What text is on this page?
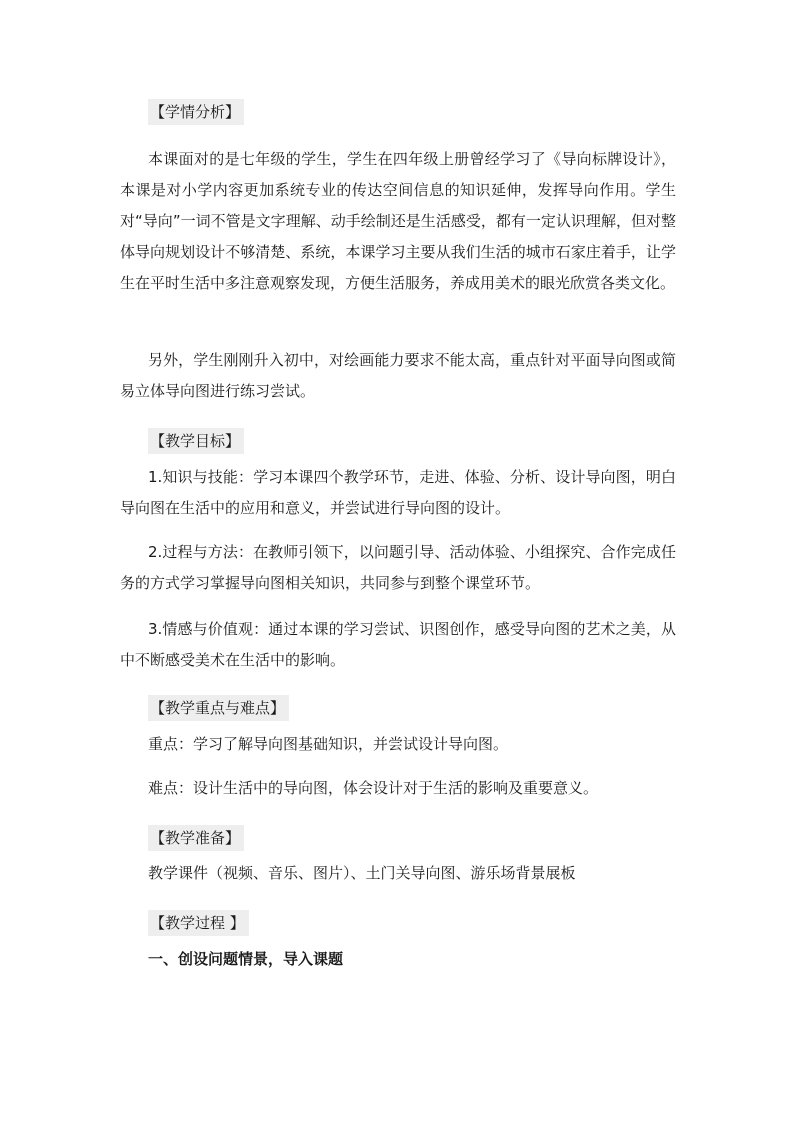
【学情分析】

本课面对的是七年级的学生，学生在四年级上册曾经学习了《导向标牌设计》，本课是对小学内容更加系统专业的传达空间信息的知识延伸，发挥导向作用。学生对“导向”一词不管是文字理解、动手绘制还是生活感受，都有一定认识理解，但对整体导向规划设计不够清楚、系统，本课学习主要从我们生活的城市石家庄着手，让学生在平时生活中多注意观察发现，方便生活服务，养成用美术的眼光欣赏各类文化。

另外，学生刚刚升入初中，对绘画能力要求不能太高，重点针对平面导向图或简易立体导向图进行练习尝试。

【教学目标】

1.知识与技能：学习本课四个教学环节，走进、体验、分析、设计导向图，明白导向图在生活中的应用和意义，并尝试进行导向图的设计。

2.过程与方法：在教师引领下，以问题引导、活动体验、小组探究、合作完成任务的方式学习掌握导向图相关知识，共同参与到整个课堂环节。

3.情感与价值观：通过本课的学习尝试、识图创作，感受导向图的艺术之美，从中不断感受美术在生活中的影响。

【教学重点与难点】

重点：学习了解导向图基础知识，并尝试设计导向图。

难点：设计生活中的导向图，体会设计对于生活的影响及重要意义。

【教学准备】

教学课件（视频、音乐、图片）、土门关导向图、游乐场背景展板

【教学过程 】

一、创设问题情景，导入课题
